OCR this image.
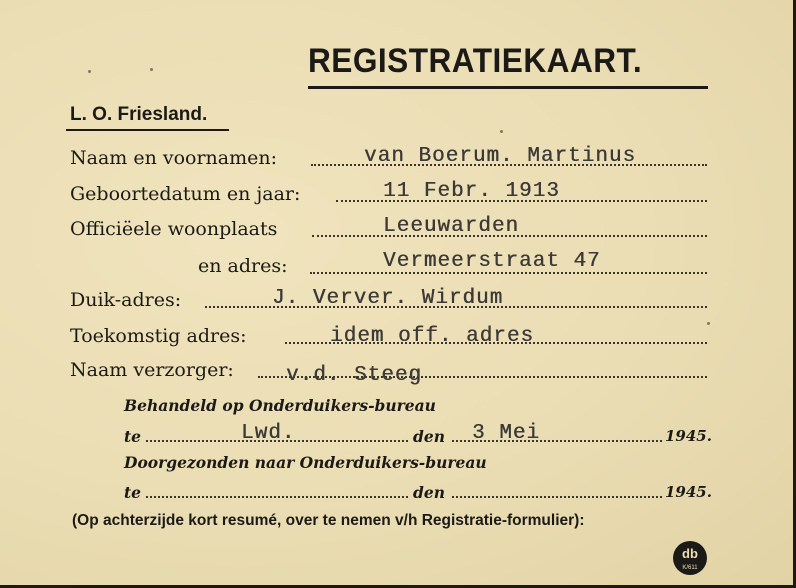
REGISTRATIEKAART.
L. O. Friesland.
Naam en voornamen:	van Boerum. Martinus
Geboortedatum en jaar:	11 Febr. 1913
Officiëele woonplaats	Leeuwarden
en adres:	Vermeerstraat 47
Duik-adres:	J. Verver. Wirdum
Toekomstig adres:	idem off. adres
Naam verzorger: v.d. Steeg
Behandeld op Onderduikers-bureau
te	Lwd.	den 3 Mei	1945.
Doorgezonden naar Onderduikers-bureau
te	den	1945.
(Op achterzijde kort resumé, over te nemen v/h Registratie-formulier):
db
K/611
